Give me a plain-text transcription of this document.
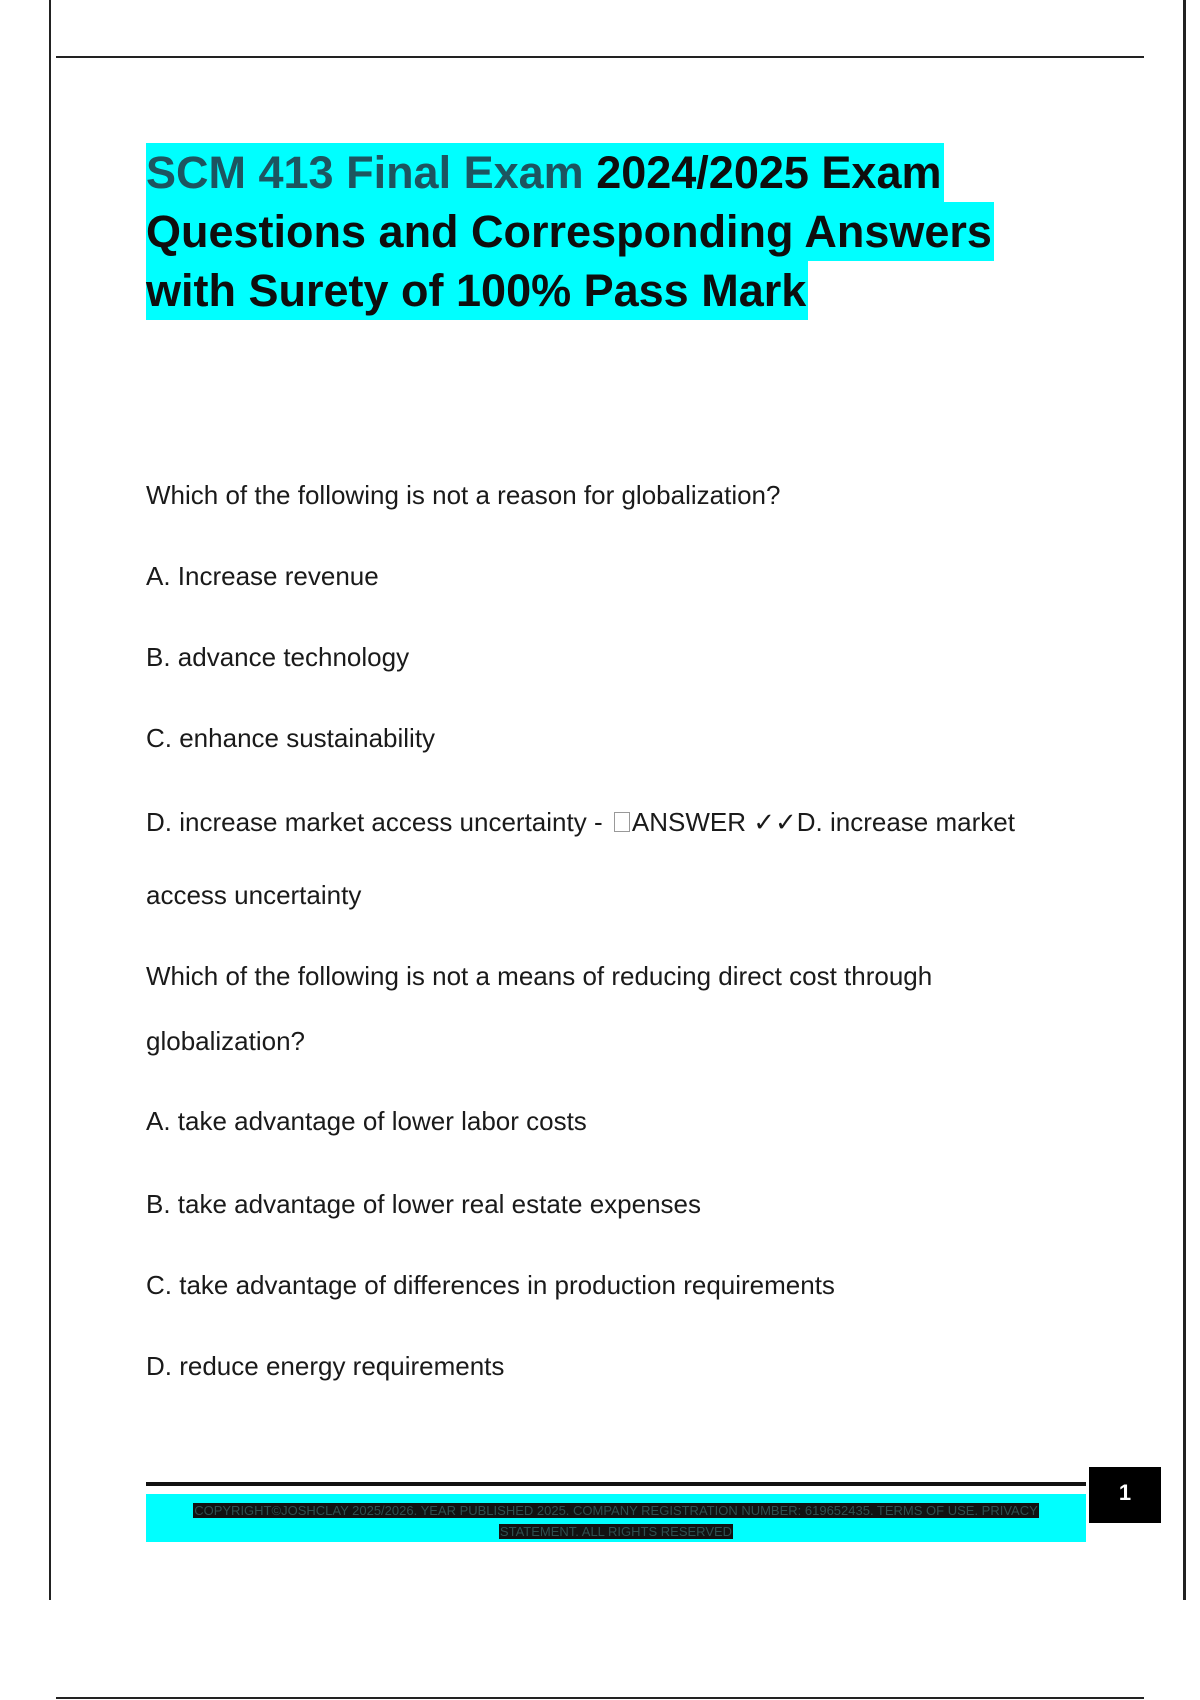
SCM 413 Final Exam 2024/2025 Exam
Questions and Corresponding Answers
with Surety of 100% Pass Mark

Which of the following is not a reason for globalization?

A. Increase revenue

B. advance technology

C. enhance sustainability

D. increase market access uncertainty - ANSWER ✓✓D. increase market

access uncertainty

Which of the following is not a means of reducing direct cost through

globalization?

A. take advantage of lower labor costs

B. take advantage of lower real estate expenses

C. take advantage of differences in production requirements

D. reduce energy requirements

COPYRIGHT©JOSHCLAY 2025/2026. YEAR PUBLISHED 2025. COMPANY REGISTRATION NUMBER: 619652435. TERMS OF USE. PRIVACY
STATEMENT. ALL RIGHTS RESERVED
1
